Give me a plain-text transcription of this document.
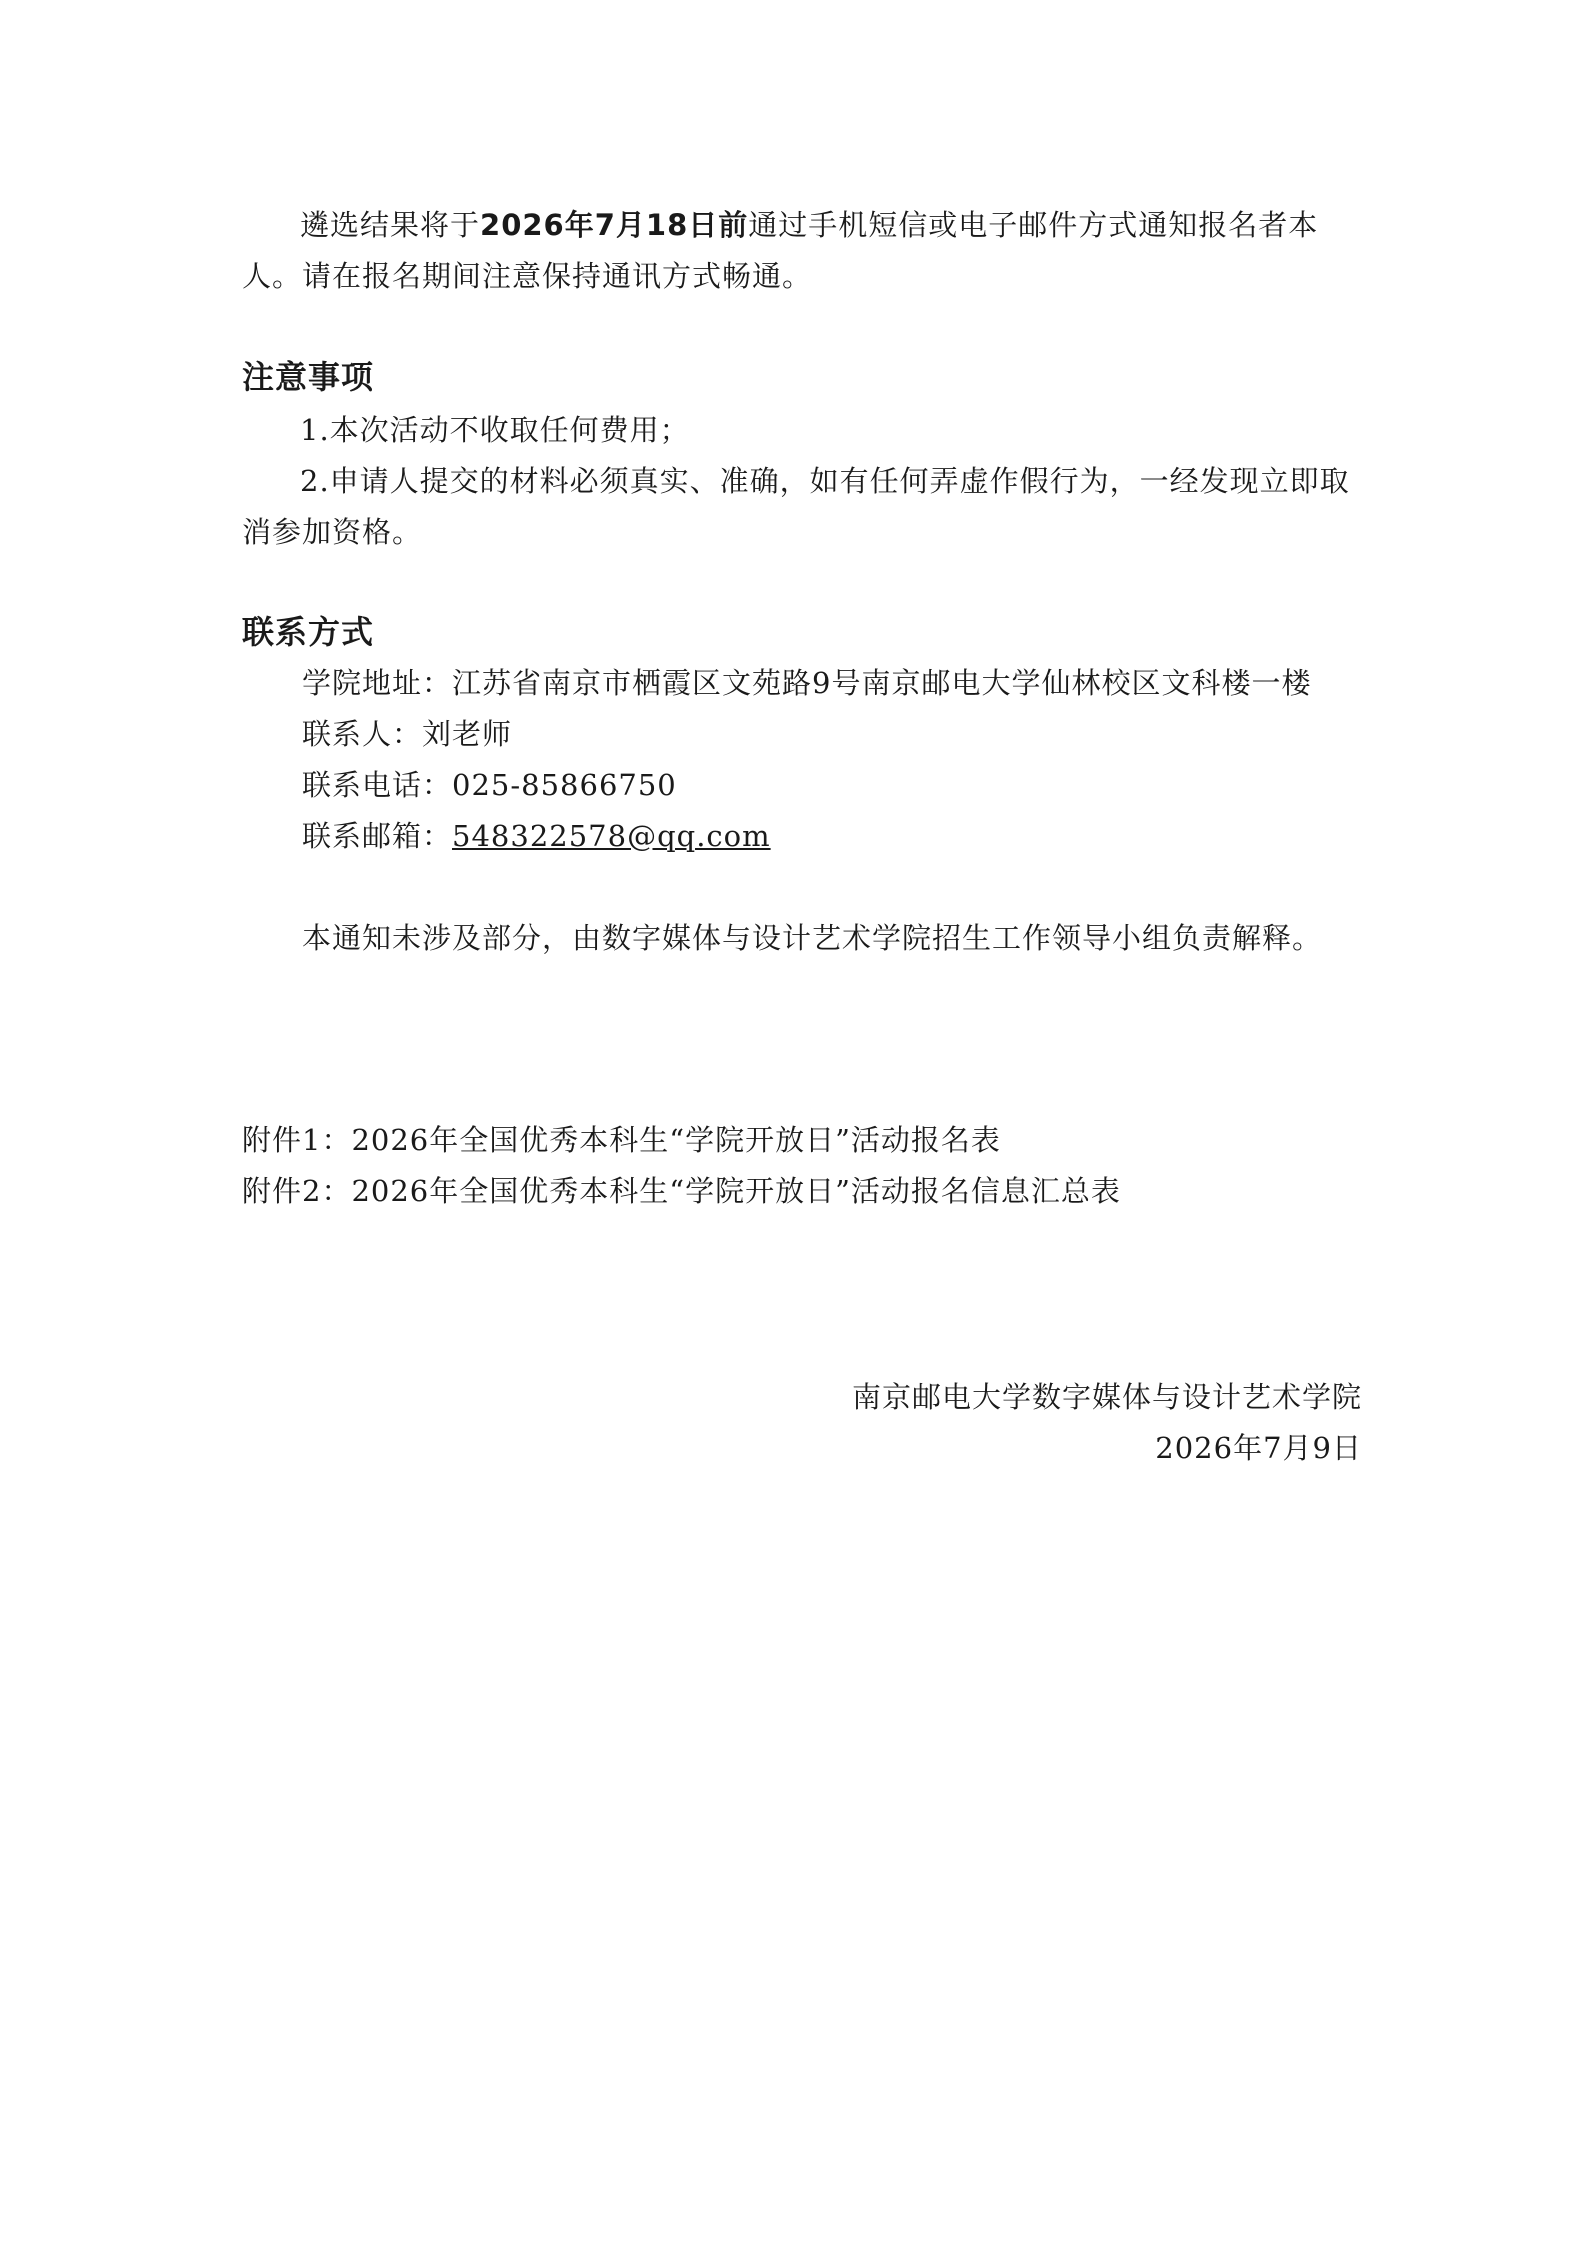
遴选结果将于2026年7月18日前通过手机短信或电子邮件方式通知报名者本人。请在报名期间注意保持通讯方式畅通。

注意事项

1.本次活动不收取任何费用；

2.申请人提交的材料必须真实、准确，如有任何弄虚作假行为，一经发现立即取消参加资格。

联系方式

学院地址：江苏省南京市栖霞区文苑路9号南京邮电大学仙林校区文科楼一楼

联系人：刘老师

联系电话：025-85866750

联系邮箱：548322578@qq.com

本通知未涉及部分，由数字媒体与设计艺术学院招生工作领导小组负责解释。

附件1：2026年全国优秀本科生“学院开放日”活动报名表

附件2：2026年全国优秀本科生“学院开放日”活动报名信息汇总表

南京邮电大学数字媒体与设计艺术学院

2026年7月9日
